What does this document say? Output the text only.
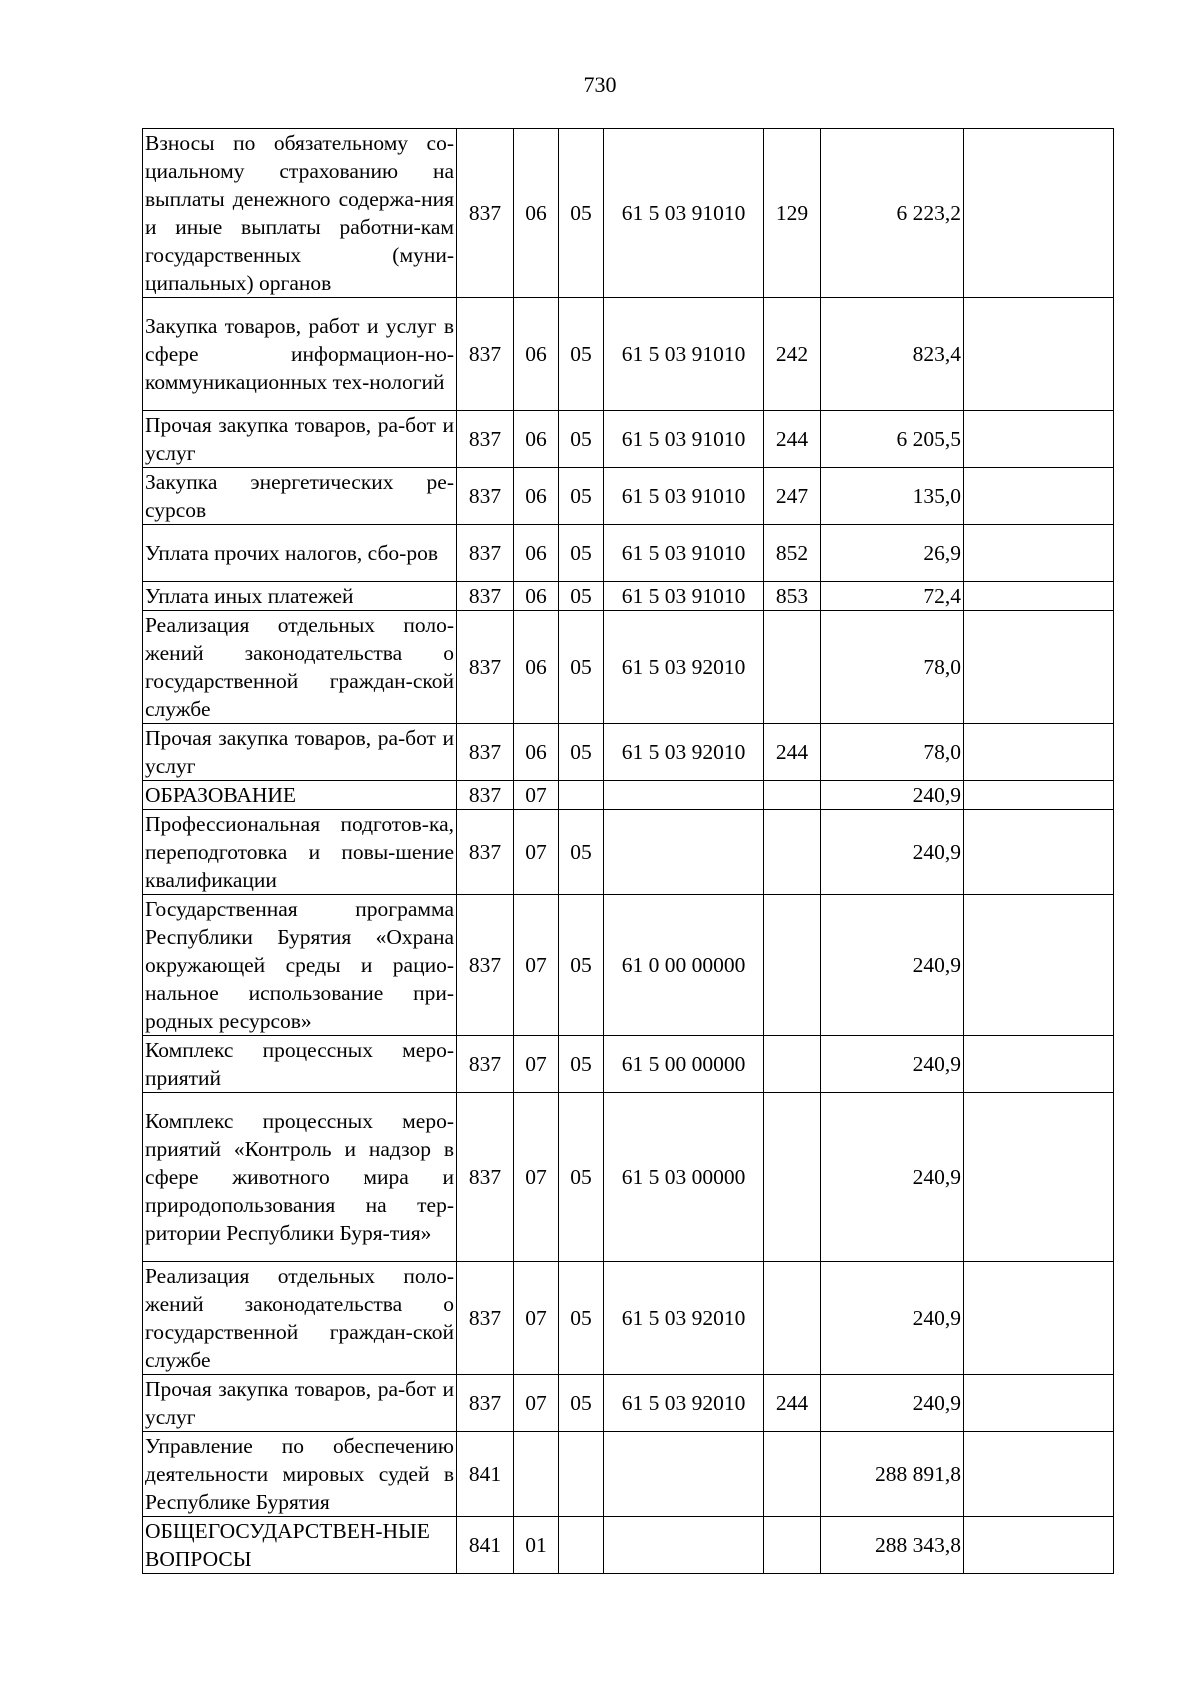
730
Взносы по обязательному со-циальному страхованию на выплаты денежного содержа-ния и иные выплаты работни-кам государственных (муни-ципальных) органов	837	06	05	61 5 03 91010	129	6 223,2	
Закупка товаров, работ и услуг в сфере информацион-но-коммуникационных тех-нологий	837	06	05	61 5 03 91010	242	823,4	
Прочая закупка товаров, ра-бот и услуг	837	06	05	61 5 03 91010	244	6 205,5	
Закупка энергетических ре-сурсов	837	06	05	61 5 03 91010	247	135,0	
Уплата прочих налогов, сбо-ров	837	06	05	61 5 03 91010	852	26,9	
Уплата иных платежей	837	06	05	61 5 03 91010	853	72,4	
Реализация отдельных поло-жений законодательства о государственной граждан-ской службе	837	06	05	61 5 03 92010		78,0	
Прочая закупка товаров, ра-бот и услуг	837	06	05	61 5 03 92010	244	78,0	
ОБРАЗОВАНИЕ	837	07				240,9	
Профессиональная подготов-ка, переподготовка и повы-шение квалификации	837	07	05			240,9	
Государственная программа Республики Бурятия «Охрана окружающей среды и рацио-нальное использование при-родных ресурсов»	837	07	05	61 0 00 00000		240,9	
Комплекс процессных меро-приятий	837	07	05	61 5 00 00000		240,9	
Комплекс процессных меро-приятий «Контроль и надзор в сфере животного мира и природопользования на тер-ритории Республики Буря-тия»	837	07	05	61 5 03 00000		240,9	
Реализация отдельных поло-жений законодательства о государственной граждан-ской службе	837	07	05	61 5 03 92010		240,9	
Прочая закупка товаров, ра-бот и услуг	837	07	05	61 5 03 92010	244	240,9	
Управление по обеспечению деятельности мировых судей в Республике Бурятия	841					288 891,8	
ОБЩЕГОСУДАРСТВЕН-НЫЕ ВОПРОСЫ	841	01				288 343,8	
